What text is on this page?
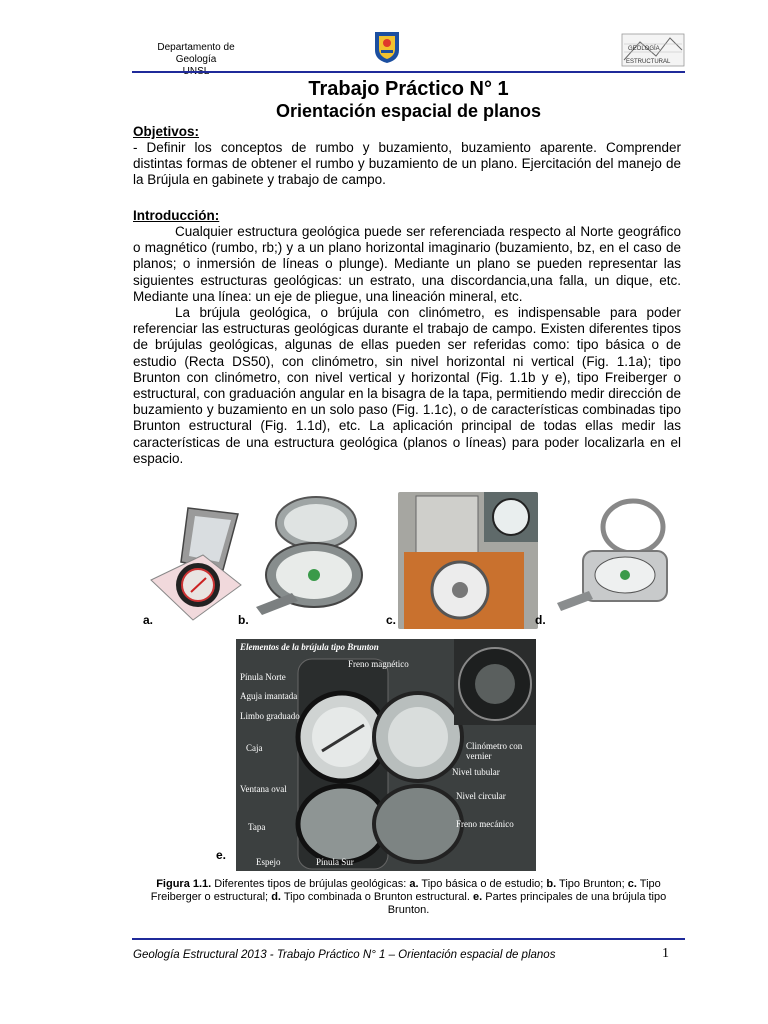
Departamento de Geología
GEOLOGÍA
ESTRUCTURAL
Trabajo Práctico N° 1
Orientación espacial de planos
Objetivos:

- Definir los conceptos de rumbo y buzamiento, buzamiento aparente. Comprender distintas formas de obtener el rumbo y buzamiento de un plano. Ejercitación del manejo de la Brújula en gabinete y trabajo de campo.

Introducción:

Cualquier estructura geológica puede ser referenciada respecto al Norte geográfico o magnético (rumbo, rb;) y a un plano horizontal imaginario (buzamiento, bz, en el caso de planos; o inmersión de líneas o plunge). Mediante un plano se pueden representar las siguientes estructuras geológicas: un estrato, una discordancia,una falla, un dique, etc. Mediante una línea: un eje de pliegue, una lineación mineral, etc.

La brújula geológica, o brújula con clinómetro, es indispensable para poder referenciar las estructuras geológicas durante el trabajo de campo. Existen diferentes tipos de brújulas geológicas, algunas de ellas pueden ser referidas como: tipo básica o de estudio (Recta DS50), con clinómetro, sin nivel horizontal ni vertical (Fig. 1.1a); tipo Brunton con clinómetro, con nivel vertical y horizontal (Fig. 1.1b y e), tipo Freiberger o estructural, con graduación angular en la bisagra de la tapa, permitiendo medir dirección de buzamiento y buzamiento en un solo paso (Fig. 1.1c), o de características combinadas tipo Brunton estructural (Fig. 1.1d), etc. La aplicación principal de todas ellas medir las características de una estructura geológica (planos o líneas) para poder localizarla en el espacio.

a.	b.	c.	d.
Elementos de la brújula tipo Brunton
Freno magnético
Pínula Norte
Aguja imantada
Limbo graduado
Caja
Ventana oval
Tapa
Espejo	Pínula Sur
Clinómetro con vernier
Nivel tubular
Nivel circular
Freno mecánico
e.
Figura 1.1. Diferentes tipos de brújulas geológicas: a. Tipo básica o de estudio; b. Tipo Brunton; c. Tipo Freiberger o estructural; d. Tipo combinada o Brunton estructural. e. Partes principales de una brújula tipo Brunton.
Geología Estructural 2013 - Trabajo Práctico N° 1 – Orientación espacial de planos	1
